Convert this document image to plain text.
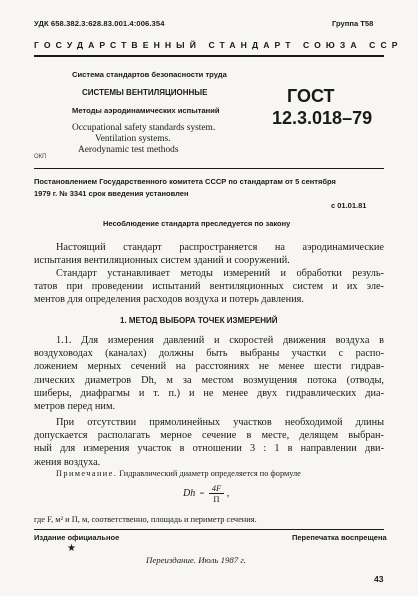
УДК 658.382.3:628.83.001.4:006.354	Группа Т58
ГОСУДАРСТВЕННЫЙ СТАНДАРТ СОЮЗА ССР
Система стандартов безопасности труда
СИСТЕМЫ ВЕНТИЛЯЦИОННЫЕ
Методы аэродинамических испытаний
Occupational safety standards system.
Ventilation systems.
Aerodynamic test methods
ГОСТ
12.3.018–79
ОКП
Постановлением Государственного комитета СССР по стандартам от 5 сентября
1979 г. № 3341 срок введения установлен
с 01.01.81
Несоблюдение стандарта преследуется по закону
Настоящий стандарт распространяется на аэродинамические
испытания вентиляционных систем зданий и сооружений.
Стандарт устанавливает методы измерений и обработки резуль-
татов при проведении испытаний вентиляционных систем и их эле-
ментов для определения расходов воздуха и потерь давления.
1. МЕТОД ВЫБОРА ТОЧЕК ИЗМЕРЕНИЙ
1.1. Для измерения давлений и скоростей движения воздуха в
воздуховодах (каналах) должны быть выбраны участки с распо-
ложением мерных сечений на расстояниях не менее шести гидрав-
лических диаметров Dh, м за местом возмущения потока (отводы,
шиберы, диафрагмы и т. п.) и не менее двух гидравлических диа-
метров перед ним.
При отсутствии прямолинейных участков необходимой длины
допускается располагать мерное сечение в месте, делящем выбран-
ный для измерения участок в отношении 3 : 1 в направлении дви-
жения воздуха.
Примечание. Гидравлический диаметр определяется по формуле
Dh $_=$
4F
П ,
где F, м² и П, м, соответственно, площадь и периметр сечения.
Издание официальное
★
Перепечатка воспрещена
Переиздание. Июль 1987 г.
43
